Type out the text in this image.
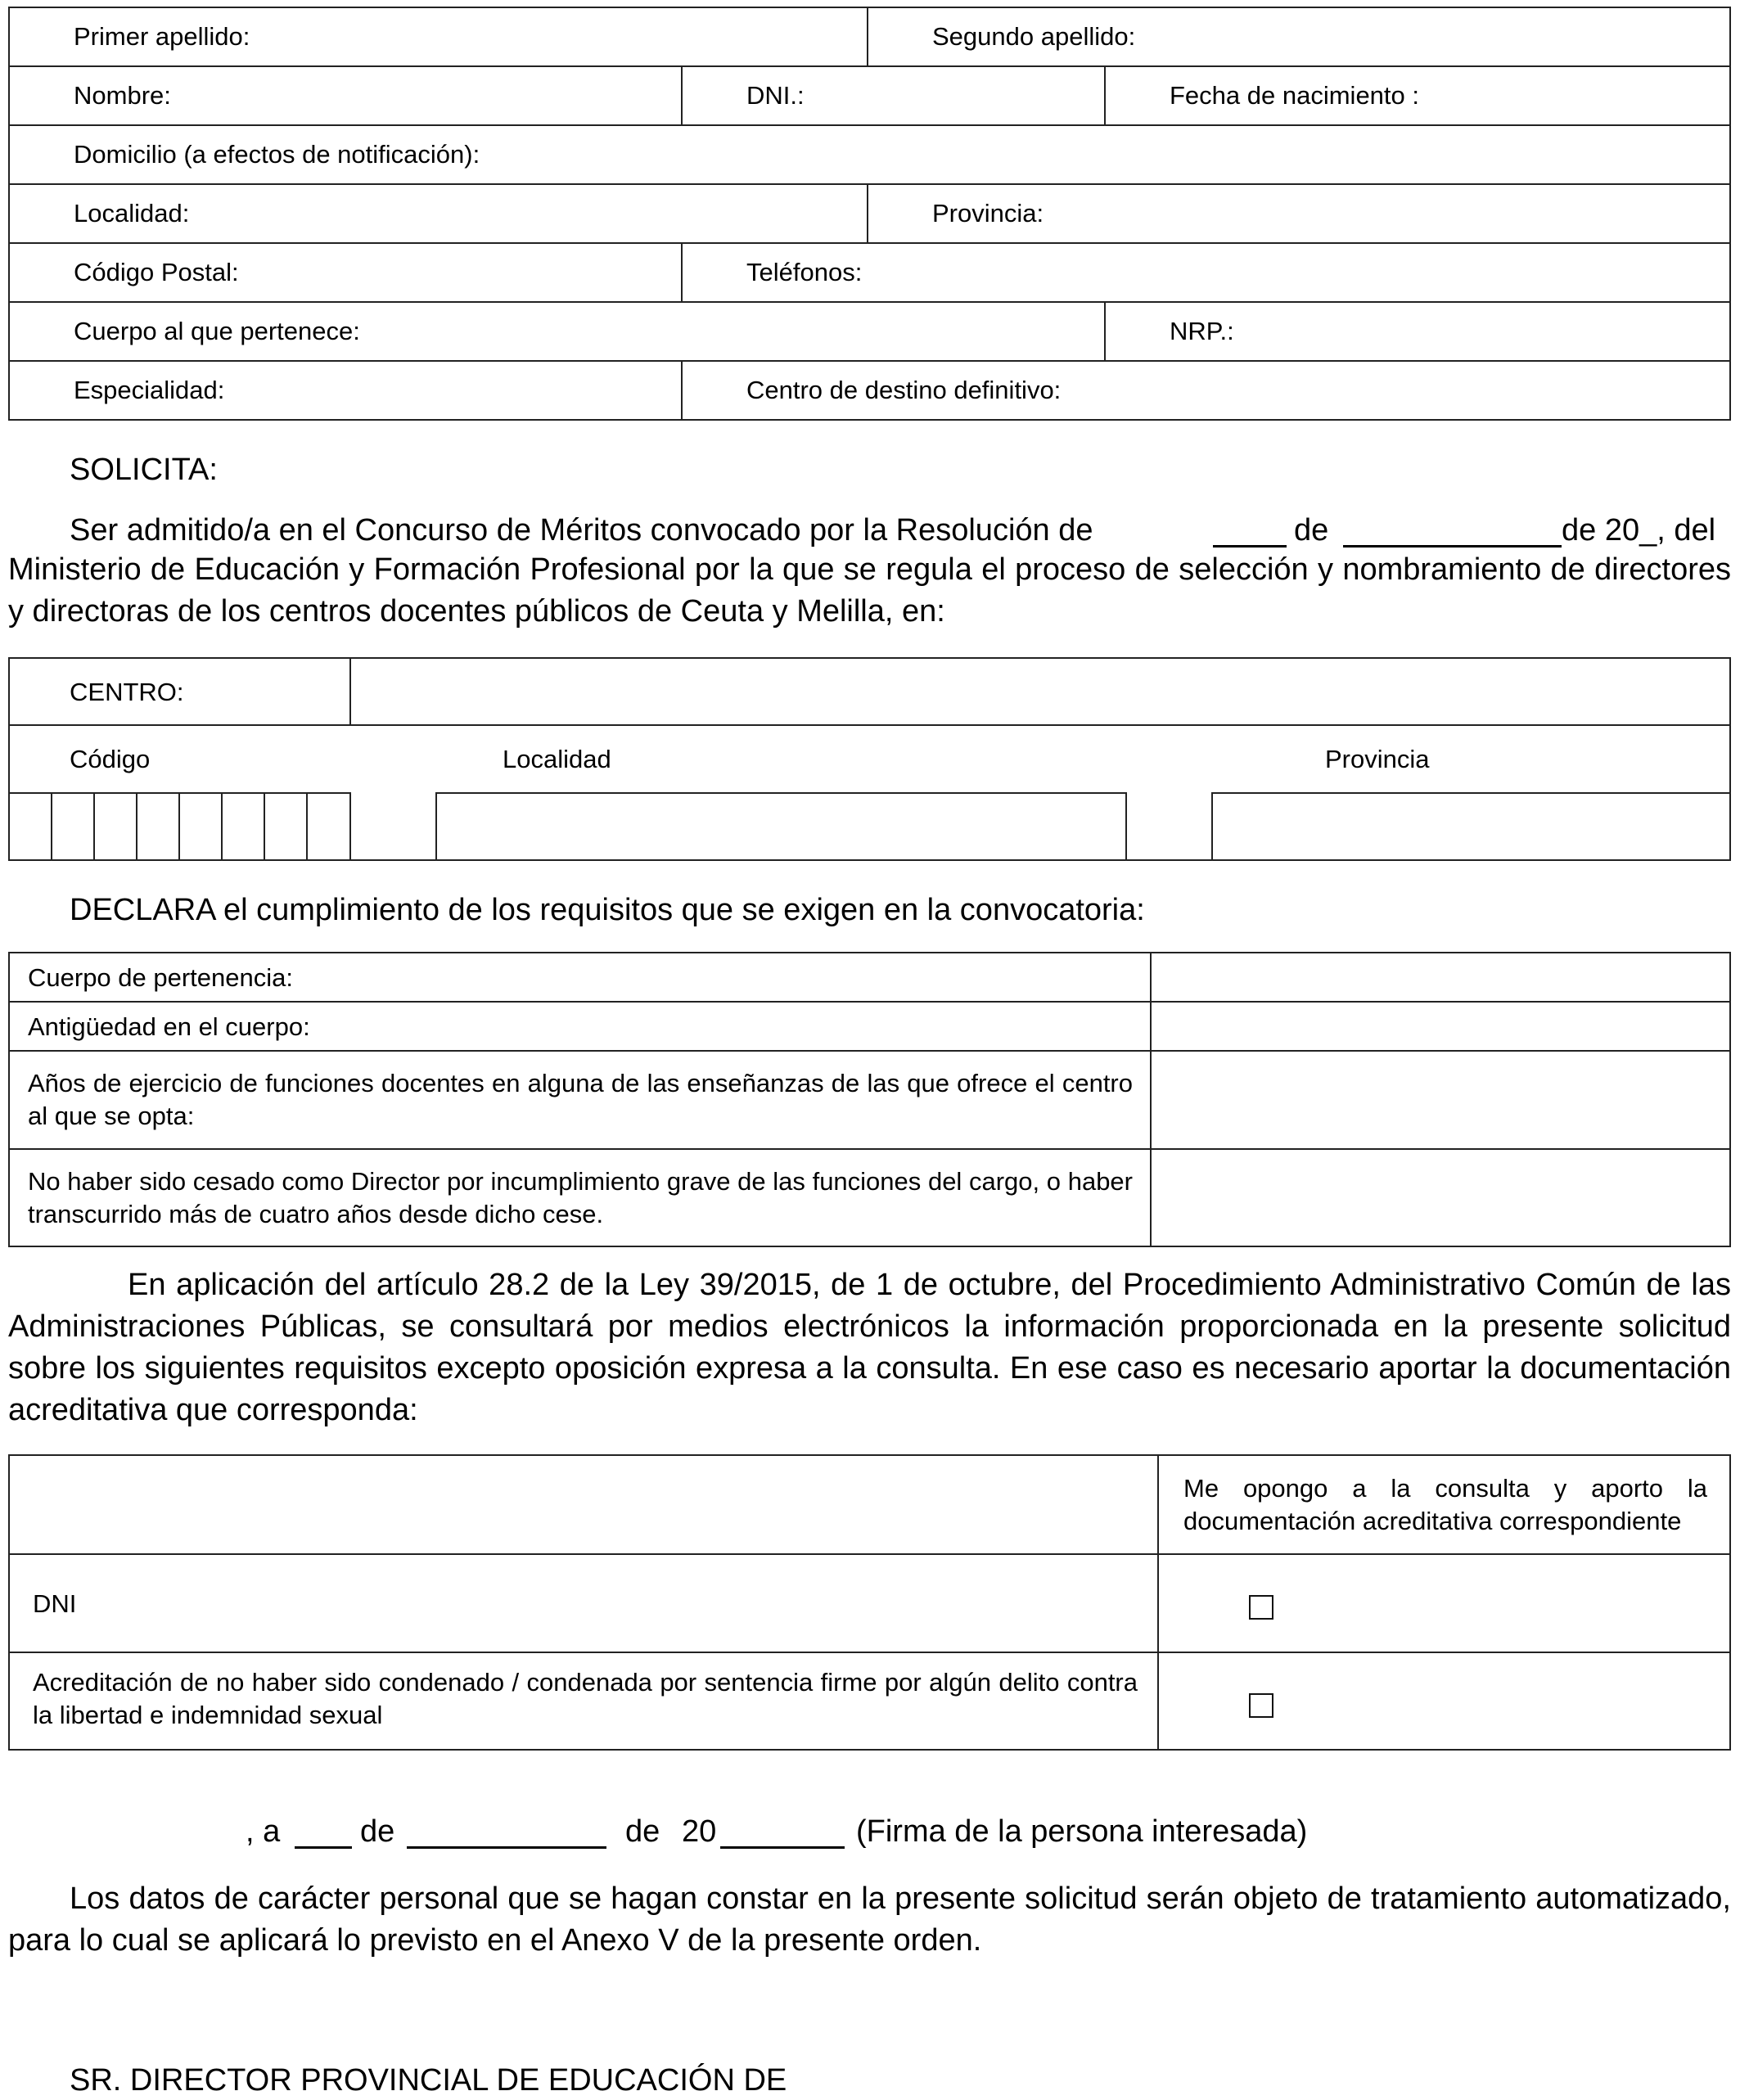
Primer apellido:	Segundo apellido:
Nombre:	DNI.:	Fecha de nacimiento :
Domicilio (a efectos de notificación):
Localidad:	Provincia:
Código Postal:	Teléfonos:
Cuerpo al que pertenece:	NRP.:
Especialidad:	Centro de destino definitivo:
SOLICITA:
Ser admitido/a en el Concurso de Méritos convocado por la Resolución de	de	de 20_, del
Ministerio de Educación y Formación Profesional por la que se regula el proceso de selección y nombramiento de directores y directoras de los centros docentes públicos de Ceuta y Melilla, en:
CENTRO:
Código	Localidad	Provincia
DECLARA el cumplimiento de los requisitos que se exigen en la convocatoria:
Cuerpo de pertenencia:
Antigüedad en el cuerpo:
Años de ejercicio de funciones docentes en alguna de las enseñanzas de las que ofrece el centro al que se opta:
No haber sido cesado como Director por incumplimiento grave de las funciones del cargo, o haber transcurrido más de cuatro años desde dicho cese.
En aplicación del artículo 28.2 de la Ley 39/2015, de 1 de octubre, del Procedimiento Administrativo Común de las Administraciones Públicas, se consultará por medios electrónicos la información proporcionada en la presente solicitud sobre los siguientes requisitos excepto oposición expresa a la consulta. En ese caso es necesario aportar la documentación acreditativa que corresponda:
Me opongo a la consulta y aporto la documentación acreditativa correspondiente
DNI
Acreditación de no haber sido condenado / condenada por sentencia firme por algún delito contra la libertad e indemnidad sexual
, a	de	de 20	(Firma de la persona interesada)
Los datos de carácter personal que se hagan constar en la presente solicitud serán objeto de tratamiento automatizado, para lo cual se aplicará lo previsto en el Anexo V de la presente orden.
SR. DIRECTOR PROVINCIAL DE EDUCACIÓN DE
